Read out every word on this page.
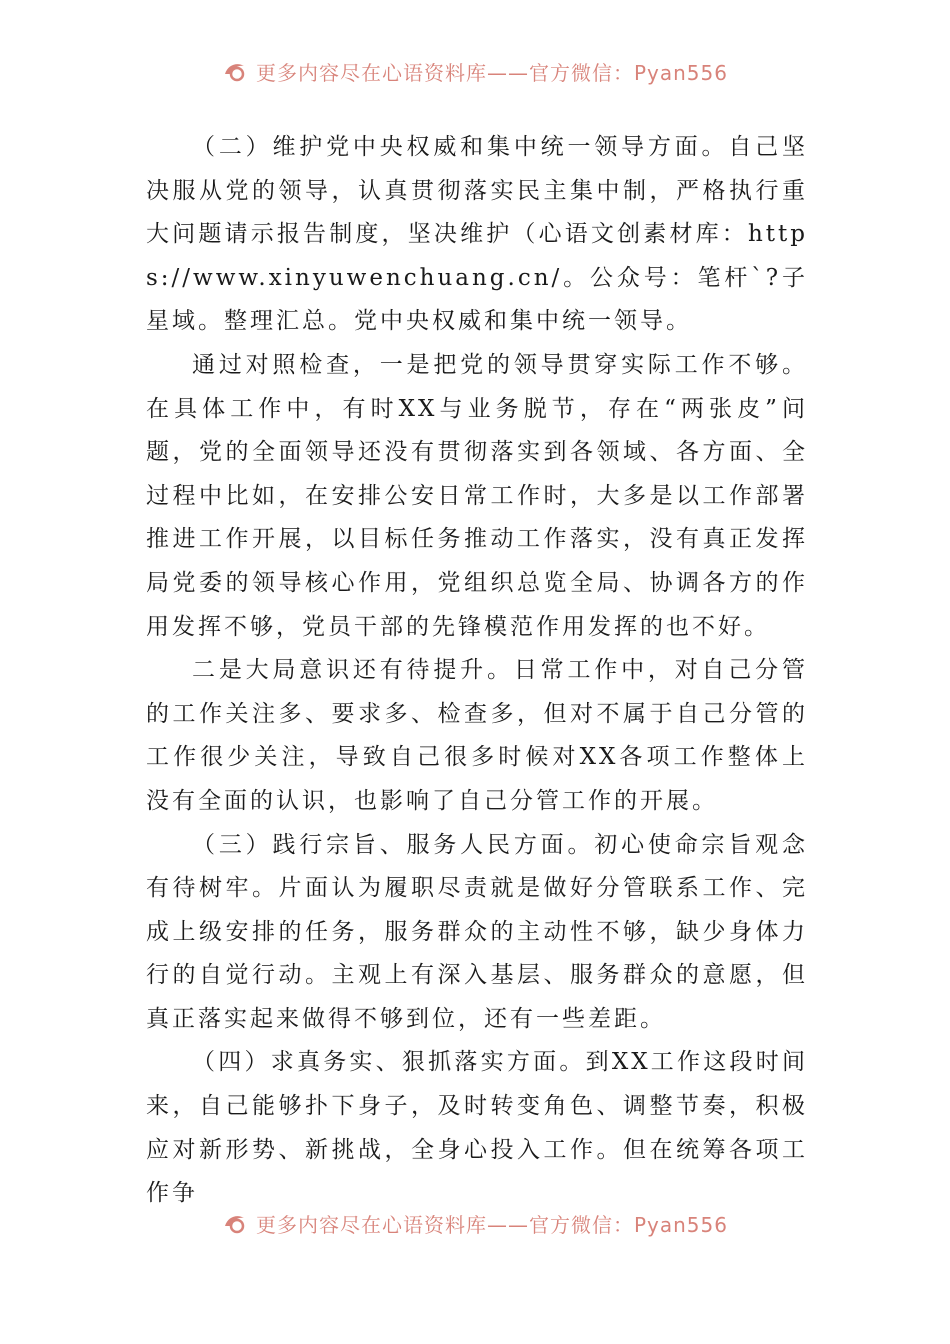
更多内容尽在心语资料库——官方微信：Pyan556

（二）维护党中央权威和集中统一领导方面。自己坚决服从党的领导，认真贯彻落实民主集中制，严格执行重大问题请示报告制度，坚决维护（心语文创素材库：https://www.xinyuwenchuang.cn/。公众号：笔杆`?子星域。整理汇总。党中央权威和集中统一领导。

通过对照检查，一是把党的领导贯穿实际工作不够。在具体工作中，有时XX与业务脱节，存在“两张皮”问题，党的全面领导还没有贯彻落实到各领域、各方面、全过程中比如，在安排公安日常工作时，大多是以工作部署推进工作开展，以目标任务推动工作落实，没有真正发挥局党委的领导核心作用，党组织总览全局、协调各方的作用发挥不够，党员干部的先锋模范作用发挥的也不好。

二是大局意识还有待提升。日常工作中，对自己分管的工作关注多、要求多、检查多，但对不属于自己分管的工作很少关注，导致自己很多时候对XX各项工作整体上没有全面的认识，也影响了自己分管工作的开展。

（三）践行宗旨、服务人民方面。初心使命宗旨观念有待树牢。片面认为履职尽责就是做好分管联系工作、完成上级安排的任务，服务群众的主动性不够，缺少身体力行的自觉行动。主观上有深入基层、服务群众的意愿，但真正落实起来做得不够到位，还有一些差距。

（四）求真务实、狠抓落实方面。到XX工作这段时间来，自己能够扑下身子，及时转变角色、调整节奏，积极应对新形势、新挑战，全身心投入工作。但在统筹各项工作争

更多内容尽在心语资料库——官方微信：Pyan556
